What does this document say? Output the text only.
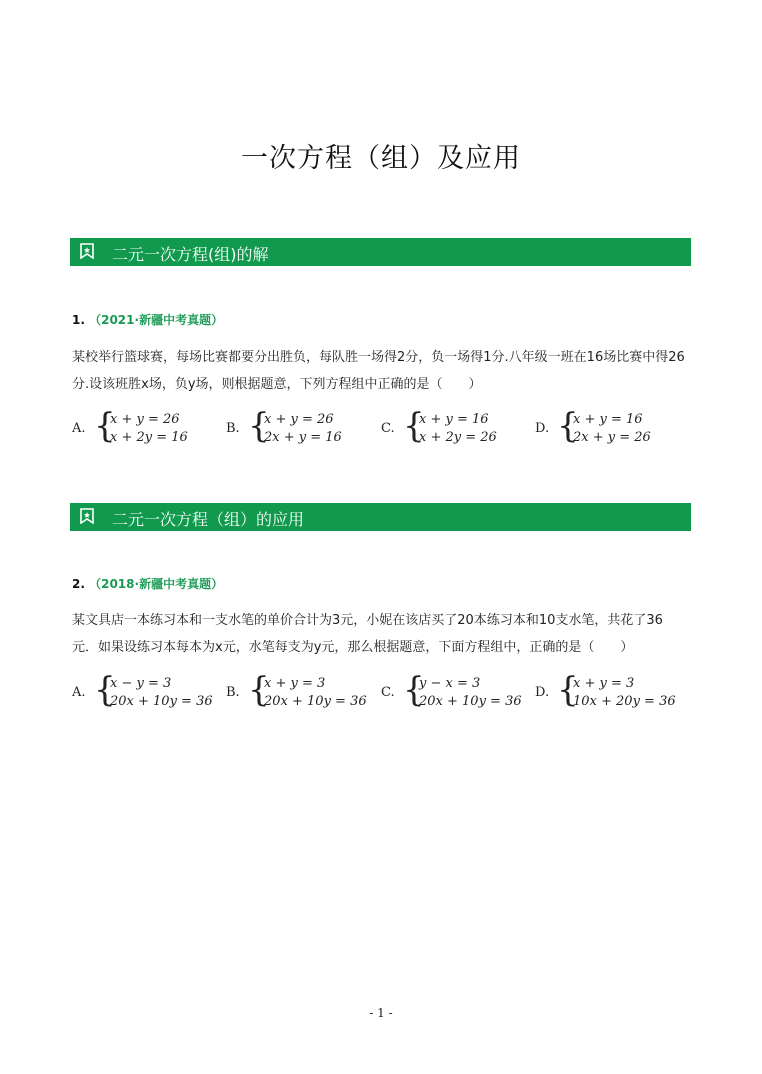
一次方程（组）及应用
二元一次方程(组)的解
1. （2021·新疆中考真题）
某校举行篮球赛，每场比赛都要分出胜负，每队胜一场得2分，负一场得1分.八年级一班在16场比赛中得26
分.设该班胜x场，负y场，则根据题意，下列方程组中正确的是（　　）
A. {
x + y = 26
x + 2y = 16
B. {
x + y = 26
2x + y = 16
C. {
x + y = 16
x + 2y = 26
D. {
x + y = 16
2x + y = 26
二元一次方程（组）的应用
2. （2018·新疆中考真题）
某文具店一本练习本和一支水笔的单价合计为3元，小妮在该店买了20本练习本和10支水笔，共花了36
元．如果设练习本每本为x元，水笔每支为y元，那么根据题意，下面方程组中，正确的是（　　）
A. {
x − y = 3
20x + 10y = 36
B. {
x + y = 3
20x + 10y = 36
C. {
y − x = 3
20x + 10y = 36
D. {
x + y = 3
10x + 20y = 36
- 1 -
